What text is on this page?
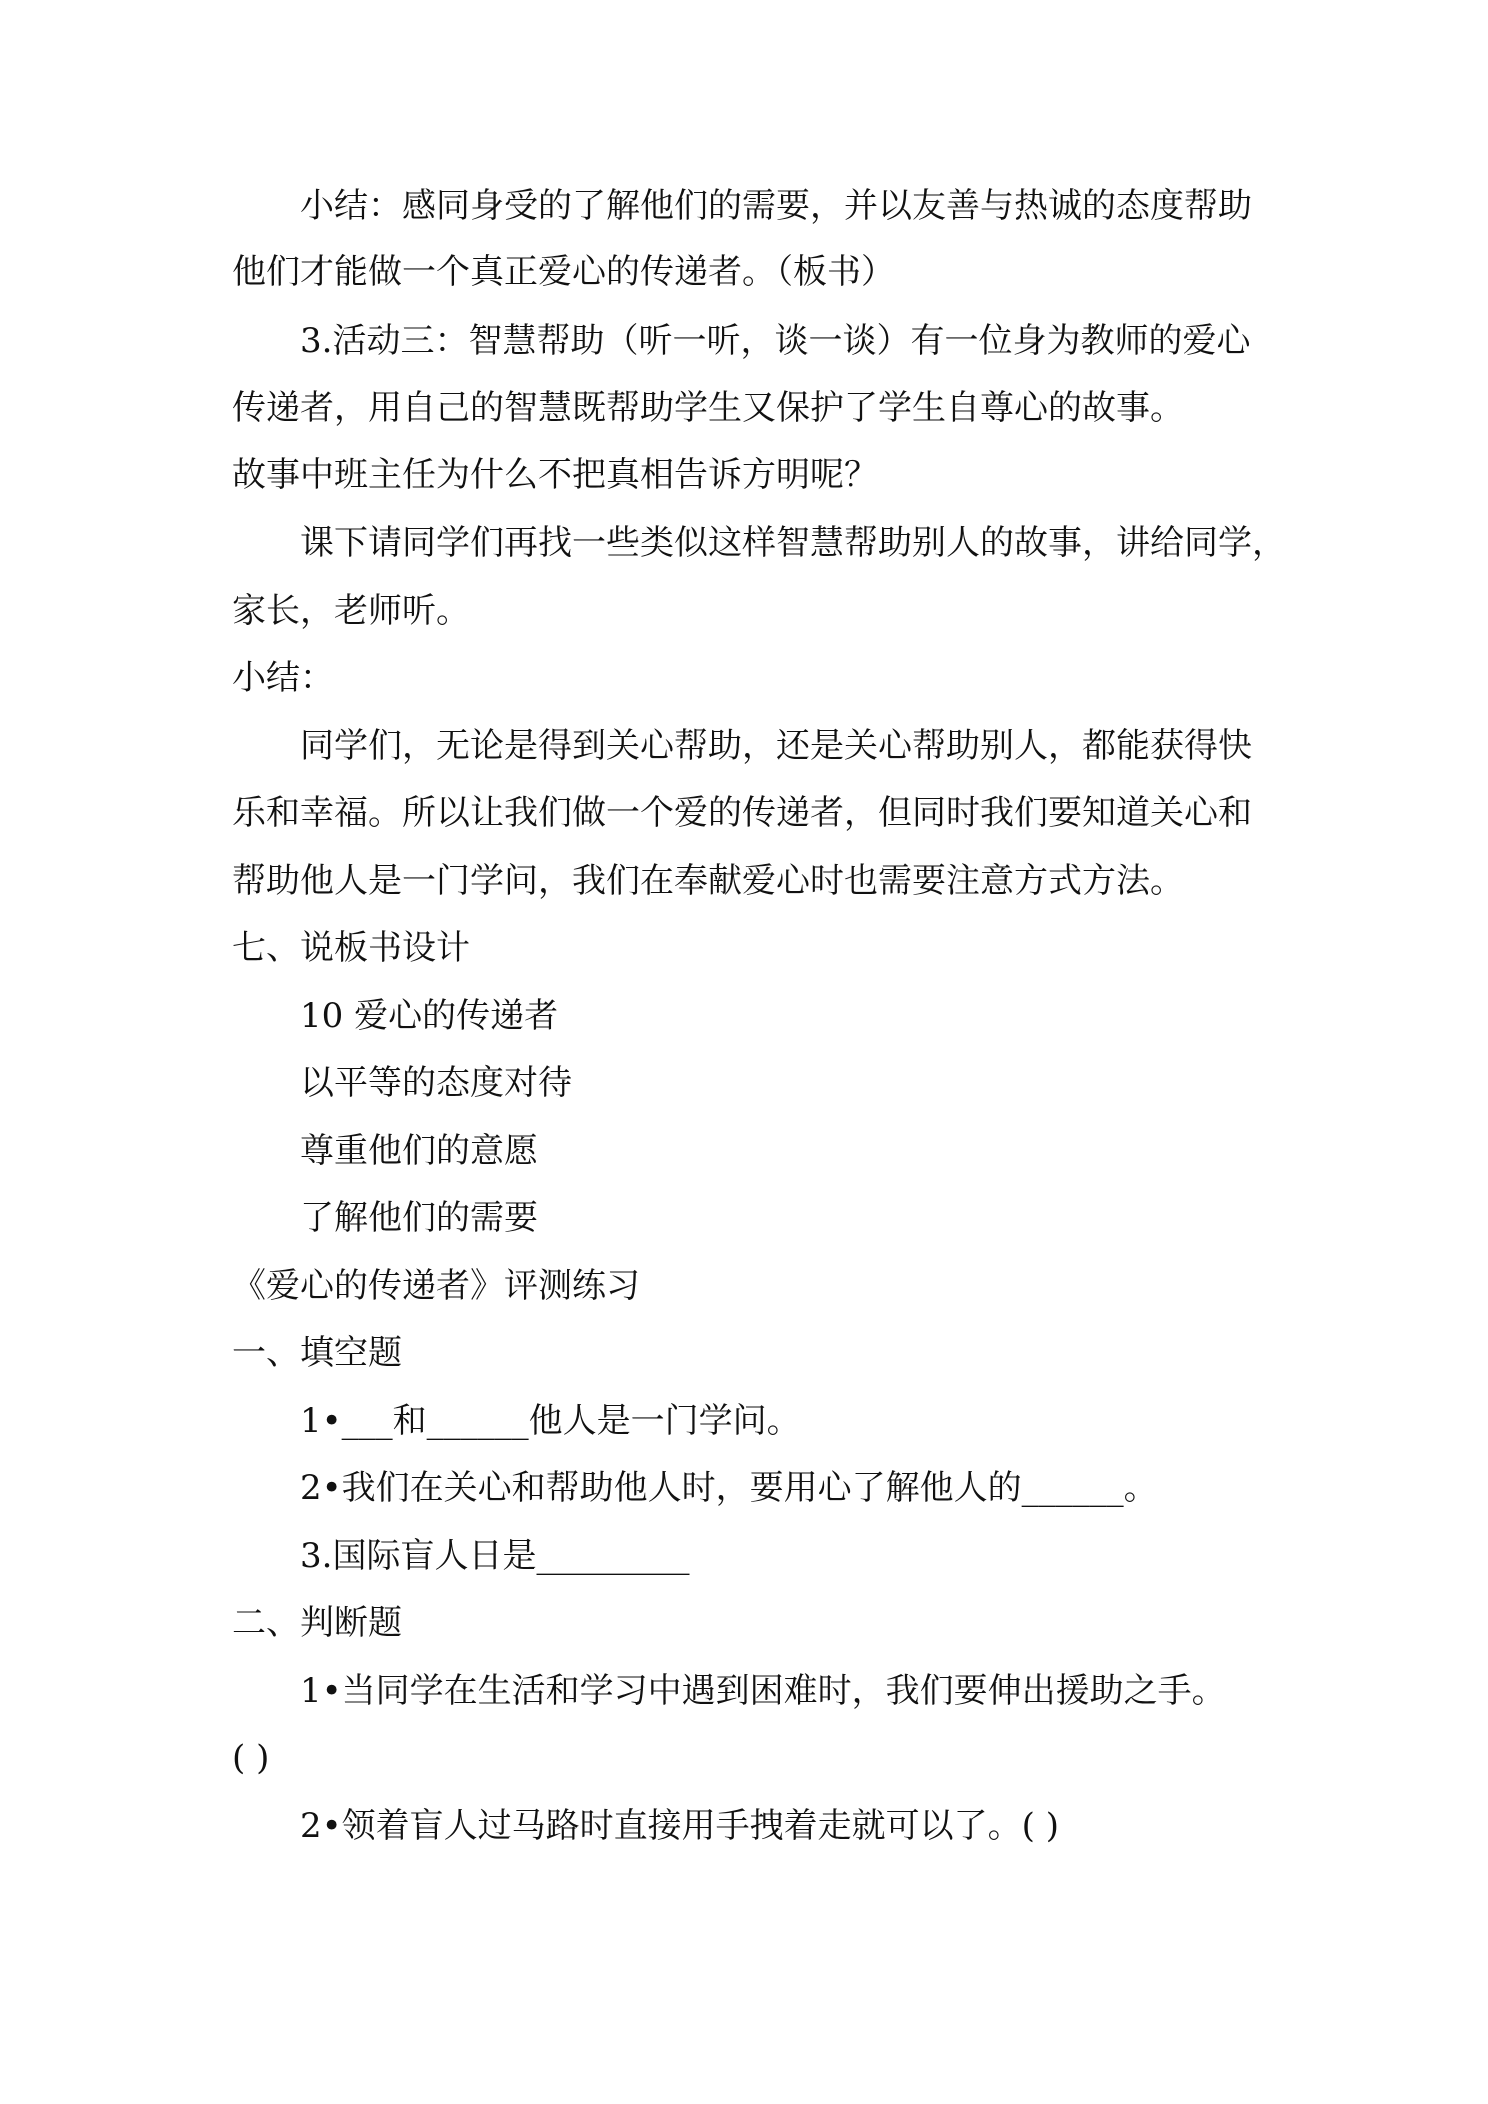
小结：感同身受的了解他们的需要，并以友善与热诚的态度帮助
他们才能做一个真正爱心的传递者。（板书）
3.活动三：智慧帮助（听一听，谈一谈）有一位身为教师的爱心
传递者，用自己的智慧既帮助学生又保护了学生自尊心的故事。
故事中班主任为什么不把真相告诉方明呢？
课下请同学们再找一些类似这样智慧帮助别人的故事，讲给同学，
家长，老师听。
小结：
同学们，无论是得到关心帮助，还是关心帮助别人，都能获得快
乐和幸福。所以让我们做一个爱的传递者，但同时我们要知道关心和
帮助他人是一门学问，我们在奉献爱心时也需要注意方式方法。
七、说板书设计
10 爱心的传递者
以平等的态度对待
尊重他们的意愿
了解他们的需要
《爱心的传递者》评测练习
一、填空题
1•___和______他人是一门学问。
2•我们在关心和帮助他人时，要用心了解他人的______。
3.国际盲人日是_________
二、判断题
1•当同学在生活和学习中遇到困难时，我们要伸出援助之手。
( )
2•领着盲人过马路时直接用手拽着走就可以了。( )
